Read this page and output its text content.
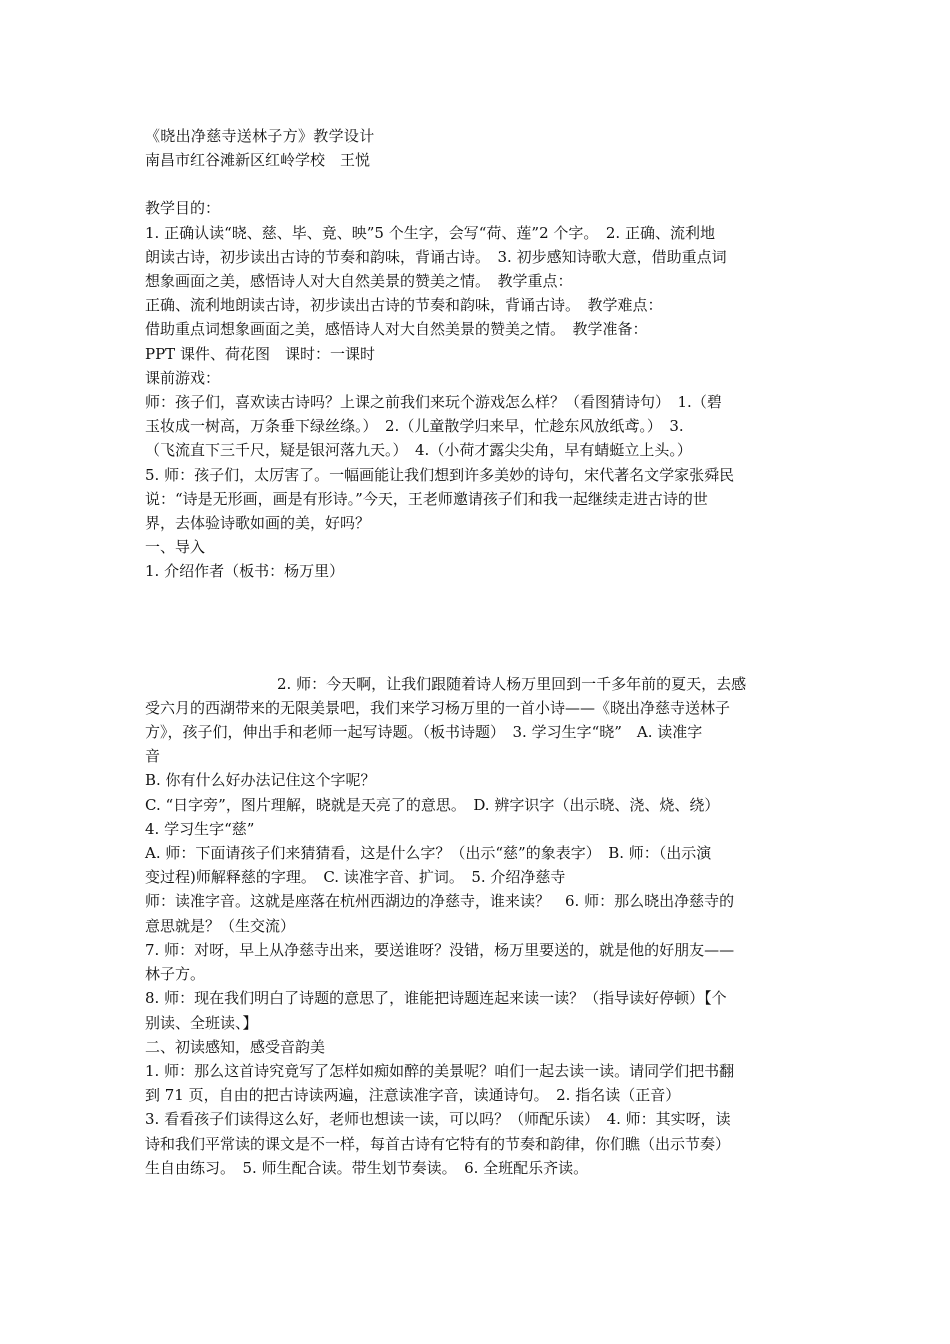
《晓出净慈寺送林子方》教学设计
南昌市红谷滩新区红岭学校　王悦
教学目的：
1. 正确认读“晓、慈、毕、竟、映”5 个生字，会写“荷、莲”2 个字。　2. 正确、流利地
朗读古诗，初步读出古诗的节奏和韵味，背诵古诗。　3. 初步感知诗歌大意，借助重点词
想象画面之美，感悟诗人对大自然美景的赞美之情。　教学重点：
正确、流利地朗读古诗，初步读出古诗的节奏和韵味，背诵古诗。　教学难点：
借助重点词想象画面之美，感悟诗人对大自然美景的赞美之情。　教学准备：
PPT 课件、荷花图　课时：一课时
课前游戏：
师：孩子们，喜欢读古诗吗？上课之前我们来玩个游戏怎么样？（看图猜诗句）　1.（碧
玉妆成一树高，万条垂下绿丝绦。）　2.（儿童散学归来早，忙趁东风放纸鸢。）　3.
（飞流直下三千尺，疑是银河落九天。）　4.（小荷才露尖尖角，早有蜻蜓立上头。）
5. 师：孩子们，太厉害了。一幅画能让我们想到许多美妙的诗句，宋代著名文学家张舜民
说：“诗是无形画，画是有形诗。”今天，王老师邀请孩子们和我一起继续走进古诗的世
界，去体验诗歌如画的美，好吗？
一、导入
1. 介绍作者（板书：杨万里）
2. 师：今天啊，让我们跟随着诗人杨万里回到一千多年前的夏天，去感
受六月的西湖带来的无限美景吧，我们来学习杨万里的一首小诗——《晓出净慈寺送林子
方》，孩子们，伸出手和老师一起写诗题。（板书诗题）　3. 学习生字“晓”　A. 读准字
音
B. 你有什么好办法记住这个字呢？
C. “日字旁”，图片理解，晓就是天亮了的意思。　D. 辨字识字（出示晓、浇、烧、绕）
4. 学习生字“慈”
A. 师：下面请孩子们来猜猜看，这是什么字？（出示“慈”的象表字）　B. 师：（出示演
变过程)师解释慈的字理。　C. 读准字音、扩词。　5. 介绍净慈寺
师：读准字音。这就是座落在杭州西湖边的净慈寺，谁来读？　6. 师：那么晓出净慈寺的
意思就是？（生交流）
7. 师：对呀，早上从净慈寺出来，要送谁呀？没错，杨万里要送的，就是他的好朋友——
林子方。
8. 师：现在我们明白了诗题的意思了，谁能把诗题连起来读一读？（指导读好停顿）【个
别读、全班读、】
二、初读感知，感受音韵美
1. 师：那么这首诗究竟写了怎样如痴如醉的美景呢？咱们一起去读一读。请同学们把书翻
到 71 页，自由的把古诗读两遍，注意读准字音，读通诗句。　2. 指名读（正音）
3. 看看孩子们读得这么好，老师也想读一读，可以吗？（师配乐读）　4. 师：其实呀，读
诗和我们平常读的课文是不一样，每首古诗有它特有的节奏和韵律，你们瞧（出示节奏）
生自由练习。　5. 师生配合读。带生划节奏读。　6. 全班配乐齐读。
